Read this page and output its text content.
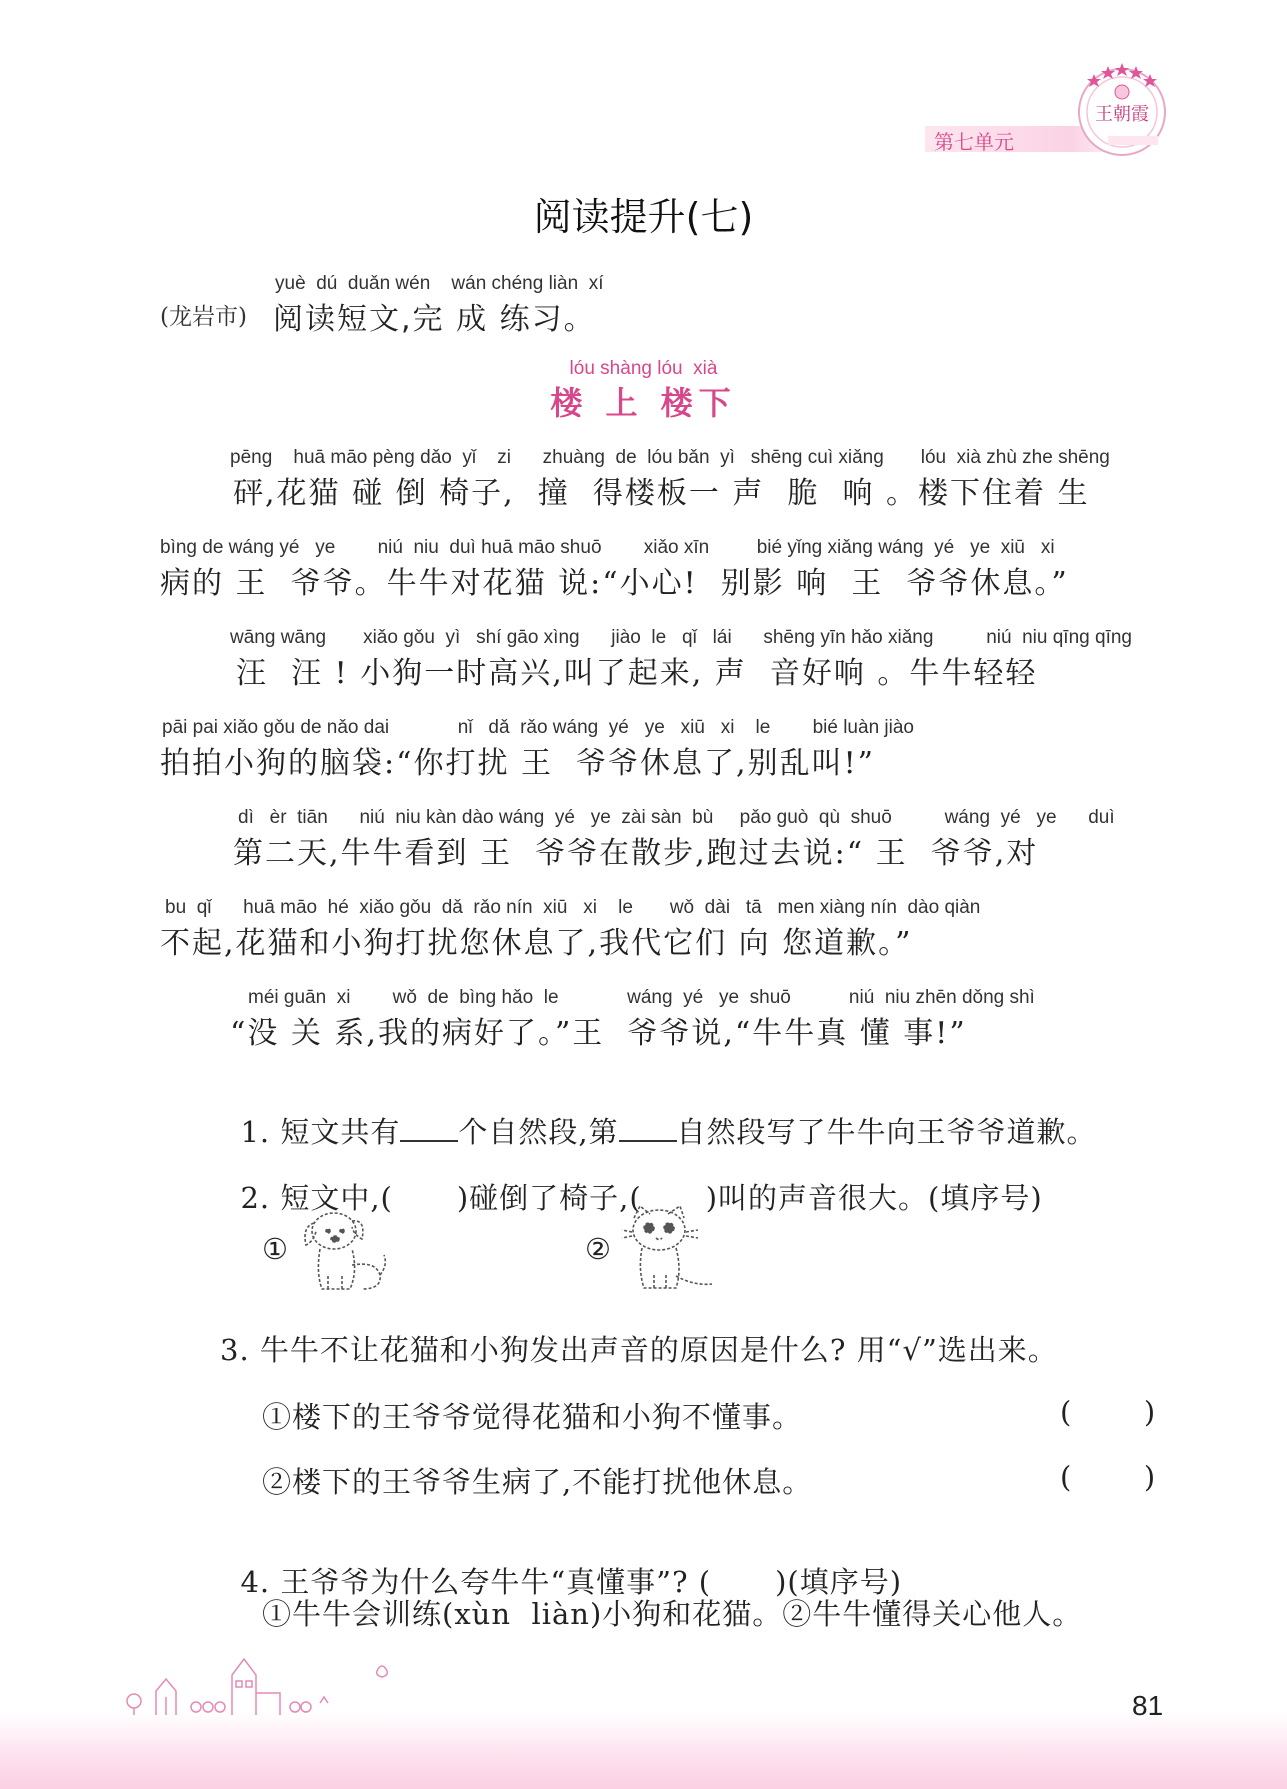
第七单元
王朝霞
阅读提升(七)
yuè  dú  duǎn wén    wán chéng liàn  xí
(龙岩市) 阅读短文,完 成 练习。
lóu shàng lóu  xià
楼 上 楼下
pēng    huā māo pèng dǎo  yǐ    zi      zhuàng  de  lóu bǎn  yì   shēng cuì xiǎng       lóu  xià zhù zhe shēng
砰,花猫 碰 倒 椅子,  撞  得楼板一 声  脆  响 。楼下住着 生
bìng de wáng yé   ye        niú  niu  duì huā māo shuō        xiǎo xīn         bié yǐng xiǎng wáng  yé   ye  xiū   xi
病的 王  爷爷。牛牛对花猫 说:“小心!  别影 响  王  爷爷休息。”
wāng wāng       xiǎo gǒu  yì   shí gāo xìng      jiào  le   qǐ   lái      shēng yīn hǎo xiǎng          niú  niu qīng qīng
汪  汪 ! 小狗一时高兴,叫了起来, 声  音好响 。牛牛轻轻
pāi pai xiǎo gǒu de nǎo dai             nǐ   dǎ  rǎo wáng  yé   ye   xiū   xi    le        bié luàn jiào
拍拍小狗的脑袋:“你打扰 王  爷爷休息了,别乱叫!”
dì   èr  tiān      niú  niu kàn dào wáng  yé   ye  zài sàn  bù     pǎo guò  qù  shuō          wáng  yé   ye      duì
第二天,牛牛看到 王  爷爷在散步,跑过去说:“ 王  爷爷,对
bu  qǐ      huā māo  hé  xiǎo gǒu  dǎ  rǎo nín  xiū   xi    le       wǒ  dài   tā   men xiàng nín  dào qiàn
不起,花猫和小狗打扰您休息了,我代它们 向 您道歉。”
méi guān  xi        wǒ  de  bìng hǎo  le             wáng  yé   ye  shuō           niú  niu zhēn dǒng shì
“没 关 系,我的病好了。”王  爷爷说,“牛牛真 懂 事!”

1. 短文共有 个自然段,第 自然段写了牛牛向王爷爷道歉。

2. 短文中,( )碰倒了椅子,( )叫的声音很大。(填序号)

①	②
3. 牛牛不让花猫和小狗发出声音的原因是什么? 用“√”选出来。
①楼下的王爷爷觉得花猫和小狗不懂事。	(       )
②楼下的王爷爷生病了,不能打扰他休息。	(       )

4. 王爷爷为什么夸牛牛“真懂事”? ( )(填序号)

①牛牛会训练(xùn  liàn)小狗和花猫。②牛牛懂得关心他人。
81
